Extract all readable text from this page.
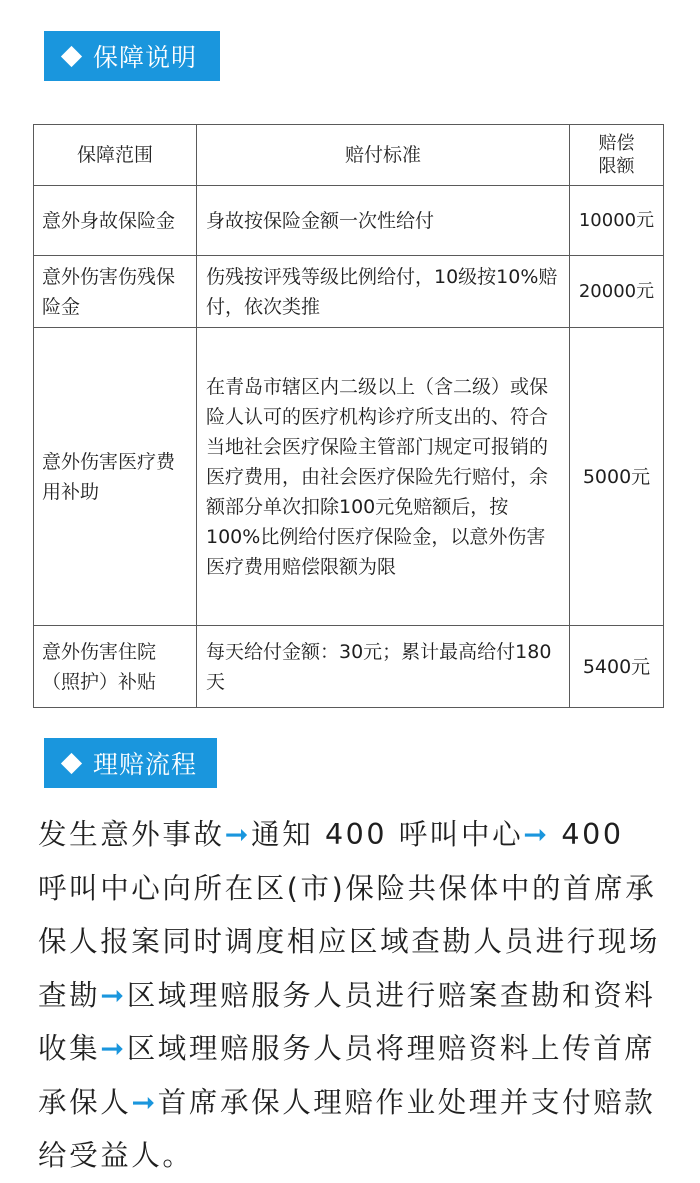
保障说明
保障范围	赔付标准	赔偿
限额
意外身故保险金	身故按保险金额一次性给付	10000元
意外伤害伤残保险金	伤残按评残等级比例给付，10级按10%赔付，依次类推	20000元
意外伤害医疗费用补助	在青岛市辖区内二级以上（含二级）或保险人认可的医疗机构诊疗所支出的、符合当地社会医疗保险主管部门规定可报销的医疗费用，由社会医疗保险先行赔付，余额部分单次扣除100元免赔额后，按100%比例给付医疗保险金，以意外伤害医疗费用赔偿限额为限	5000元
意外伤害住院（照护）补贴	每天给付金额：30元；累计最高给付180天	5400元
理赔流程

发生意外事故➞通知 400 呼叫中心➞ 400 呼叫中心向所在区(市)保险共保体中的首席承保人报案同时调度相应区域查勘人员进行现场查勘➞区域理赔服务人员进行赔案查勘和资料收集➞区域理赔服务人员将理赔资料上传首席承保人➞首席承保人理赔作业处理并支付赔款给受益人。
